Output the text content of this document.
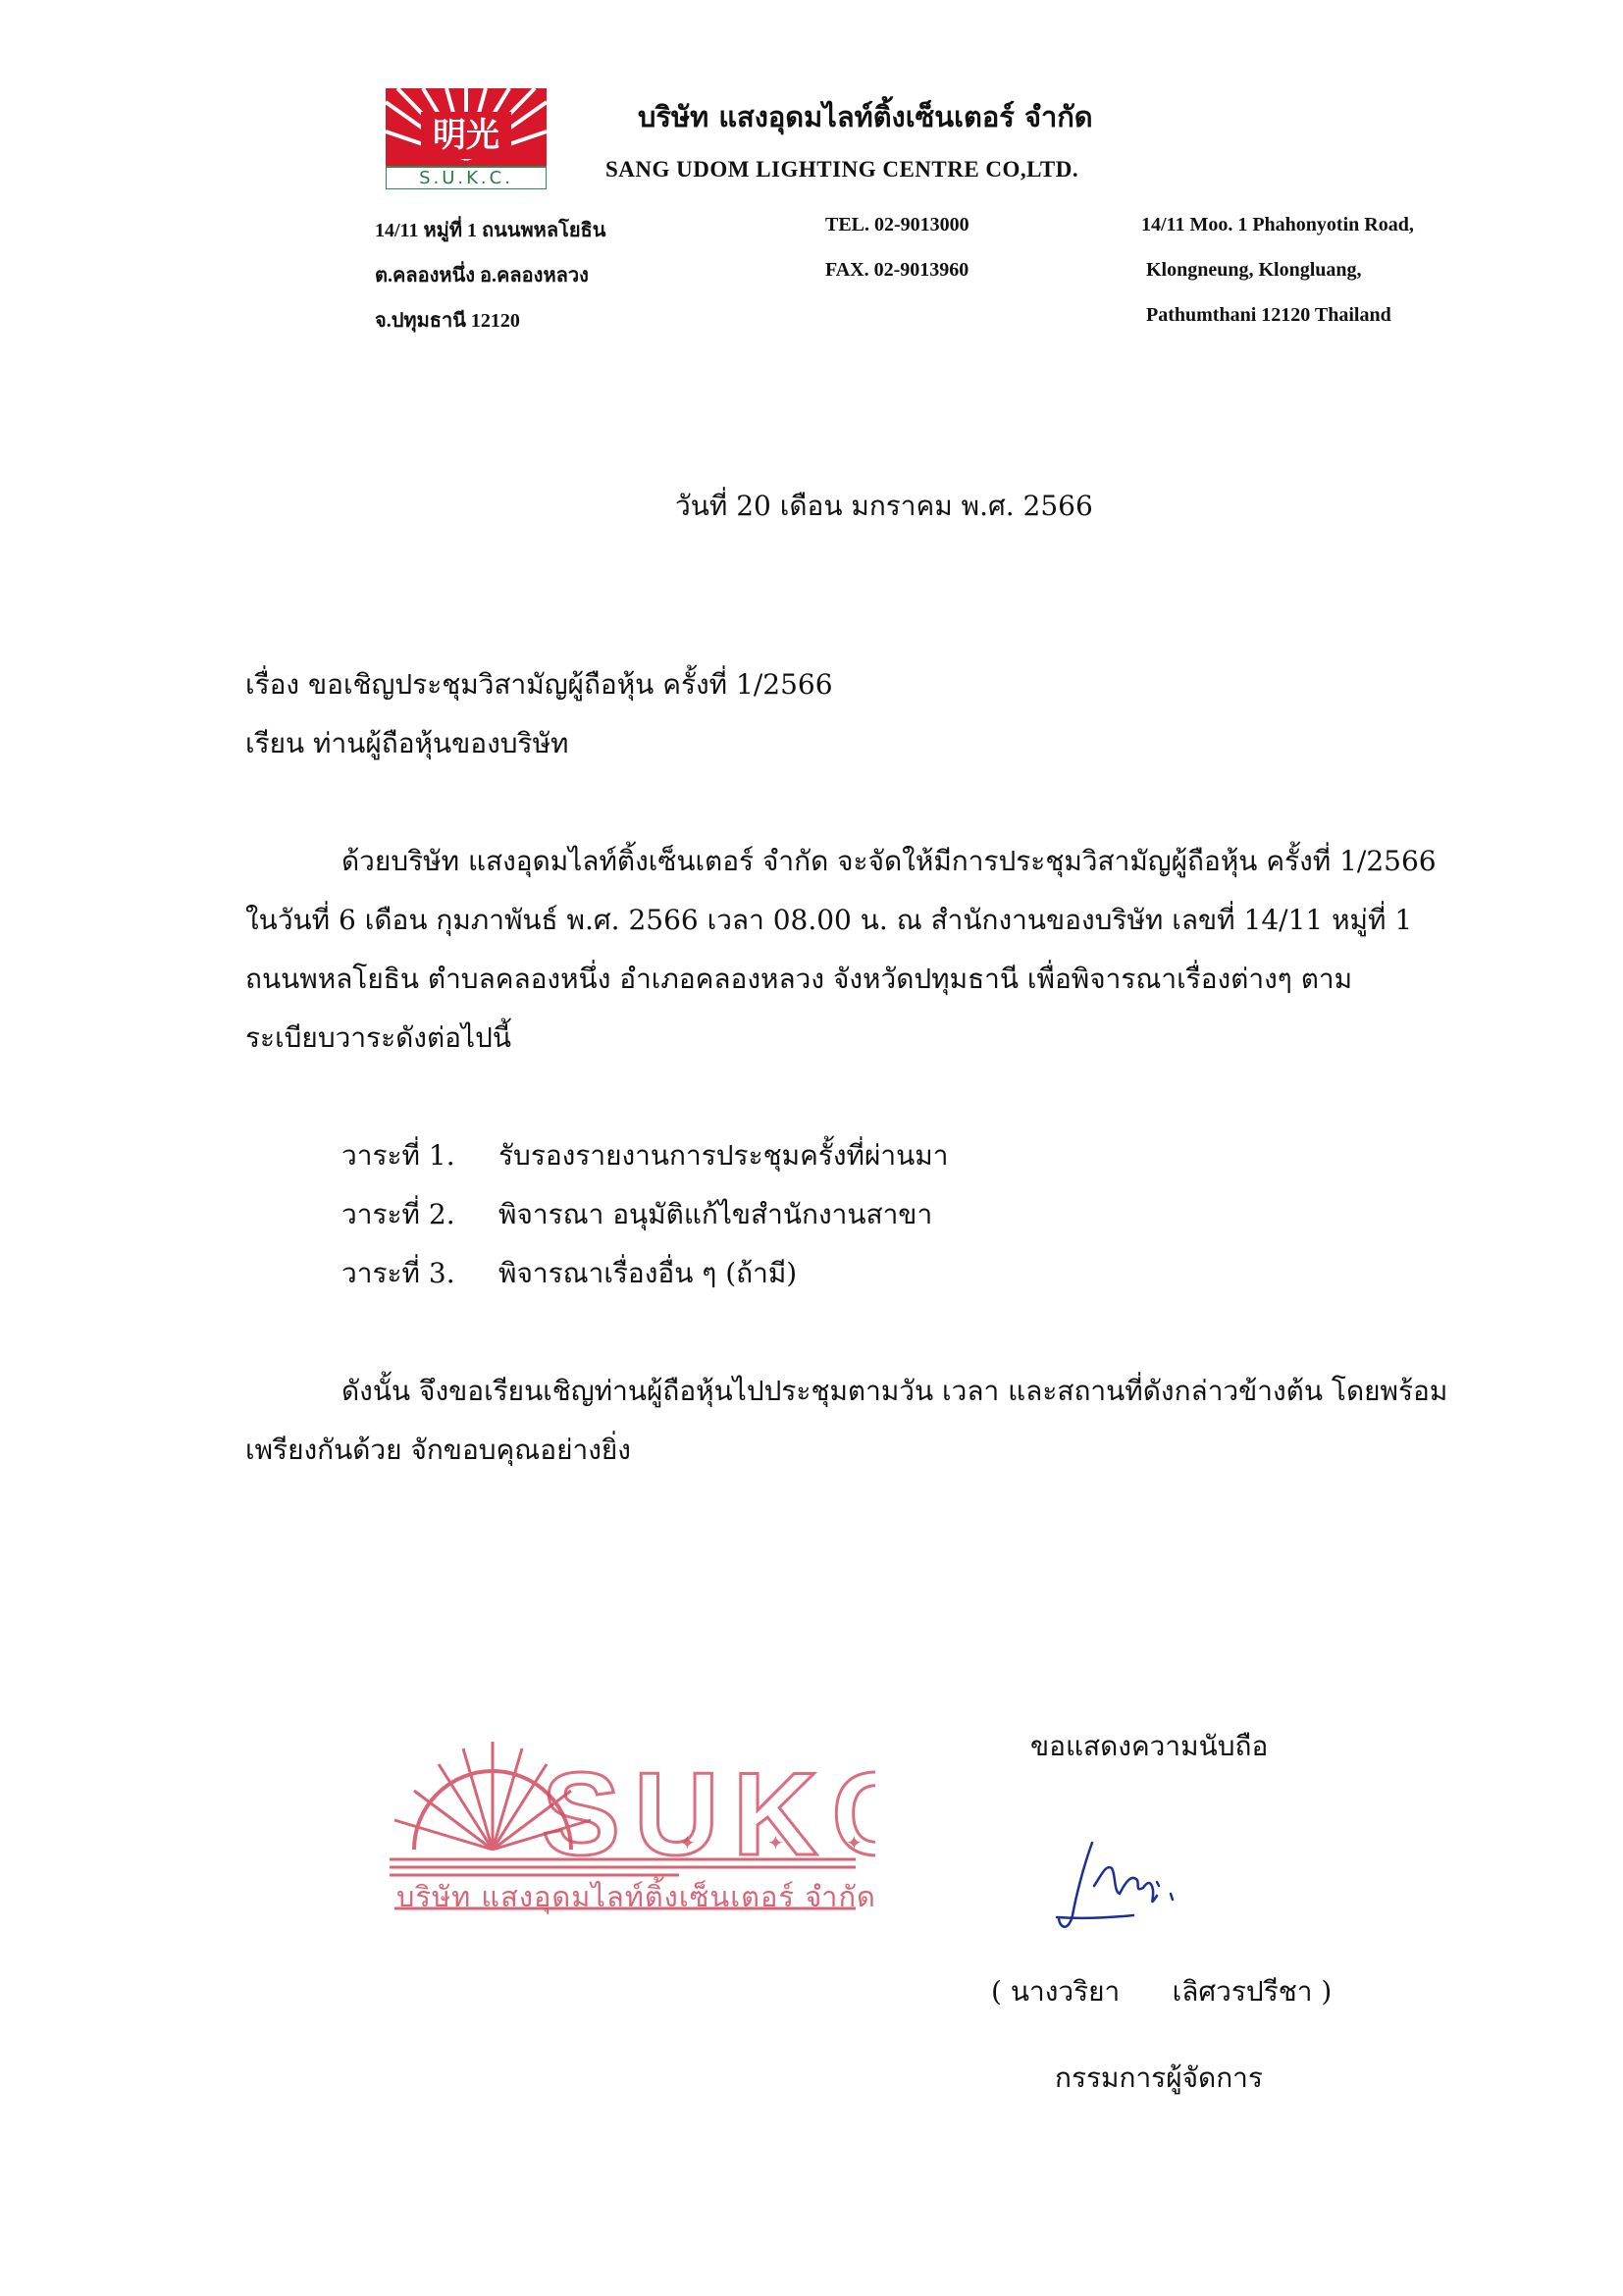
明光
S.U.K.C.
บริษัท แสงอุดมไลท์ติ้งเซ็นเตอร์ จำกัด
SANG UDOM LIGHTING CENTRE CO,LTD.
14/11 หมู่ที่ 1 ถนนพหลโยธิน
ต.คลองหนึ่ง อ.คลองหลวง
จ.ปทุมธานี 12120
TEL. 02-9013000
FAX. 02-9013960
14/11 Moo. 1 Phahonyotin Road,
Klongneung, Klongluang,
Pathumthani 12120 Thailand
วันที่ 20 เดือน มกราคม พ.ศ. 2566
เรื่อง ขอเชิญประชุมวิสามัญผู้ถือหุ้น ครั้งที่ 1/2566
เรียน ท่านผู้ถือหุ้นของบริษัท
ด้วยบริษัท แสงอุดมไลท์ติ้งเซ็นเตอร์ จำกัด จะจัดให้มีการประชุมวิสามัญผู้ถือหุ้น ครั้งที่ 1/2566
ในวันที่ 6 เดือน กุมภาพันธ์ พ.ศ. 2566 เวลา 08.00 น. ณ สำนักงานของบริษัท เลขที่ 14/11 หมู่ที่ 1
ถนนพหลโยธิน ตำบลคลองหนึ่ง อำเภอคลองหลวง จังหวัดปทุมธานี เพื่อพิจารณาเรื่องต่างๆ ตาม
ระเบียบวาระดังต่อไปนี้
วาระที่ 1. รับรองรายงานการประชุมครั้งที่ผ่านมา
วาระที่ 2. พิจารณา อนุมัติแก้ไขสำนักงานสาขา
วาระที่ 3. พิจารณาเรื่องอื่น ๆ (ถ้ามี)
ดังนั้น จึงขอเรียนเชิญท่านผู้ถือหุ้นไปประชุมตามวัน เวลา และสถานที่ดังกล่าวข้างต้น โดยพร้อม
เพรียงกันด้วย จักขอบคุณอย่างยิ่ง
SUK
✦	✦	✦
บริษัท แสงอุดมไลท์ติ้งเซ็นเตอร์ จำกัด
ขอแสดงความนับถือ
( นางวริยา      เลิศวรปรีชา )
กรรมการผู้จัดการ
